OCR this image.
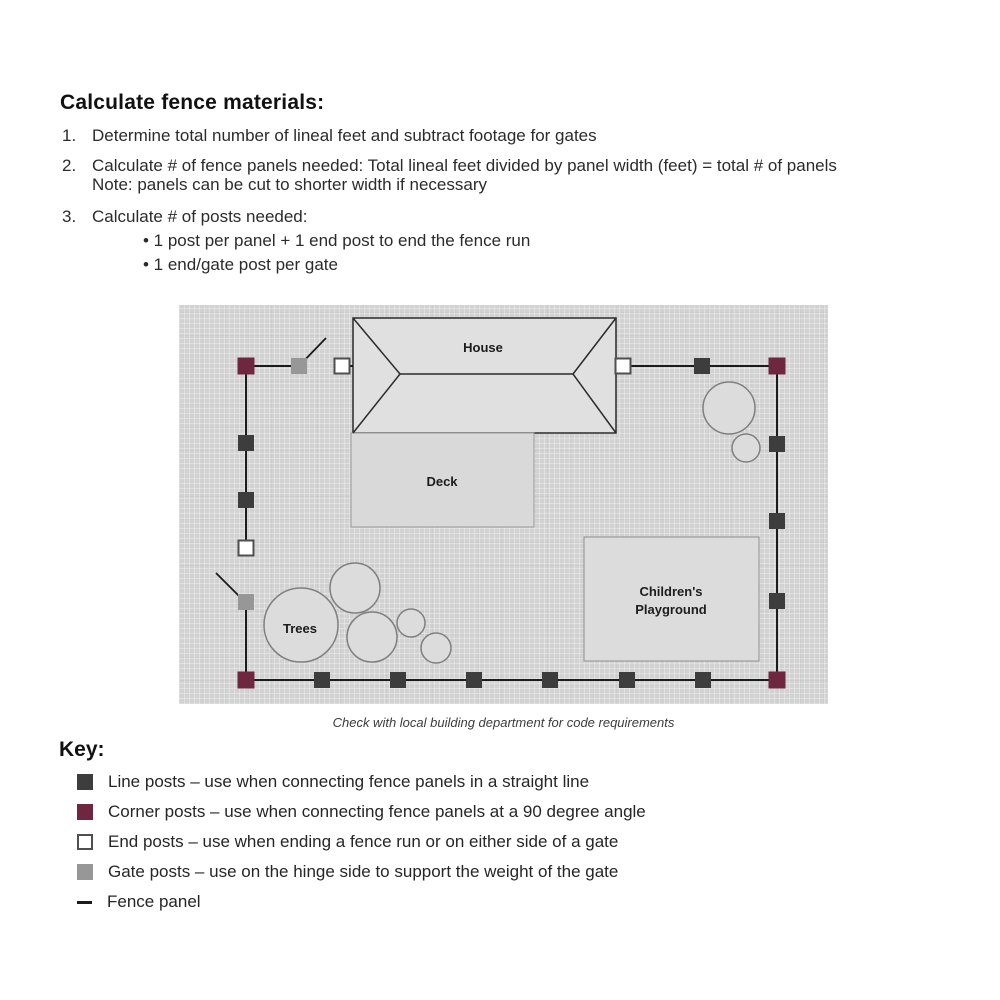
Calculate fence materials:
1. Determine total number of lineal feet and subtract footage for gates
2. Calculate # of fence panels needed: Total lineal feet divided by panel width (feet) = total # of panels
Note: panels can be cut to shorter width if necessary
3. Calculate # of posts needed:
• 1 post per panel + 1 end post to end the fence run
• 1 end/gate post per gate
House
Deck
Children's Playground
Trees
Check with local building department for code requirements
Key:
Line posts – use when connecting fence panels in a straight line
Corner posts – use when connecting fence panels at a 90 degree angle
End posts – use when ending a fence run or on either side of a gate
Gate posts – use on the hinge side to support the weight of the gate
Fence panel
